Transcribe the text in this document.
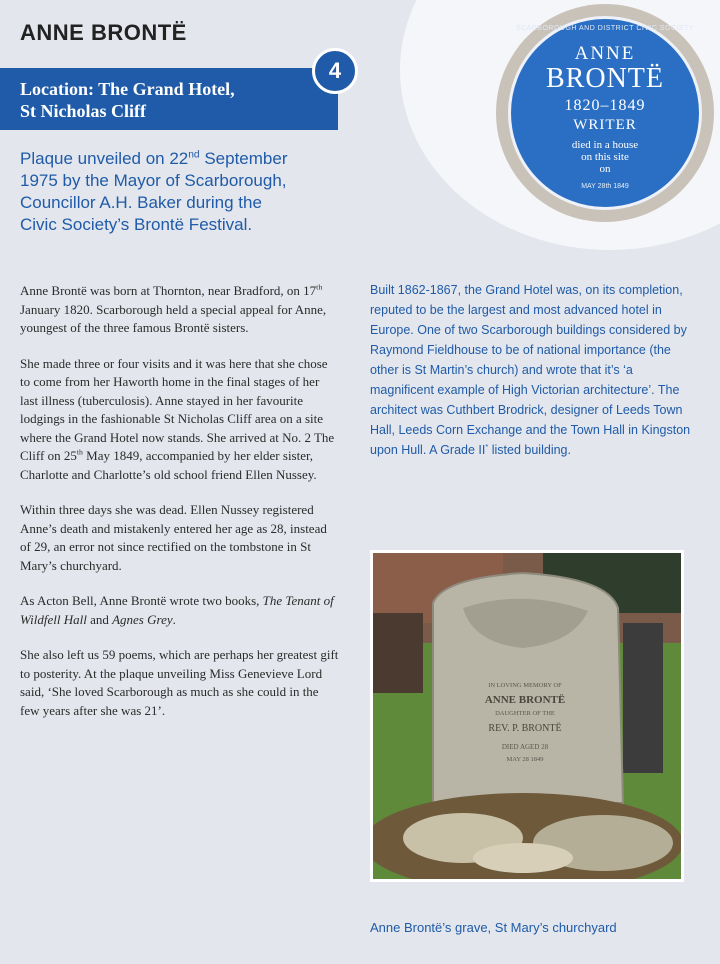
ANNE BRONTË
Location: The Grand Hotel,
St Nicholas Cliff
4
SCARBOROUGH AND DISTRICT CIVIC SOCIETY
ANNE
BRONTË
1820–1849
WRITER
died in a house
on this site
on
MAY 28th 1849
Plaque unveiled on 22nd September
1975 by the Mayor of Scarborough,
Councillor A.H. Baker during the
Civic Society’s Brontë Festival.

Anne Brontë was born at Thornton, near Bradford, on 17th January 1820. Scarborough held a special appeal for Anne, youngest of the three famous Brontë sisters.

She made three or four visits and it was here that she chose to come from her Haworth home in the final stages of her last illness (tuberculosis). Anne stayed in her favourite lodgings in the fashionable St Nicholas Cliff area on a site where the Grand Hotel now stands. She arrived at No. 2 The Cliff on 25th May 1849, accompanied by her elder sister, Charlotte and Charlotte’s old school friend Ellen Nussey.

Within three days she was dead. Ellen Nussey registered Anne’s death and mistakenly entered her age as 28, instead of 29, an error not since rectified on the tombstone in St Mary’s churchyard.

As Acton Bell, Anne Brontë wrote two books, The Tenant of Wildfell Hall and Agnes Grey.

She also left us 59 poems, which are perhaps her greatest gift to posterity. At the plaque unveiling Miss Genevieve Lord said, ‘She loved Scarborough as much as she could in the few years after she was 21’.

Built 1862-1867, the Grand Hotel was, on its completion, reputed to be the largest and most advanced hotel in Europe. One of two Scarborough buildings considered by Raymond Fieldhouse to be of national importance (the other is St Martin’s church) and wrote that it’s ‘a magnificent example of High Victorian architecture’. The architect was Cuthbert Brodrick, designer of Leeds Town Hall, Leeds Corn Exchange and the Town Hall in Kingston upon Hull. A Grade II* listed building.

IN LOVING MEMORY OF
ANNE BRONTË
DAUGHTER OF THE
REV. P. BRONTË
DIED AGED 28
MAY 28 1849
Anne Brontë’s grave, St Mary’s churchyard
